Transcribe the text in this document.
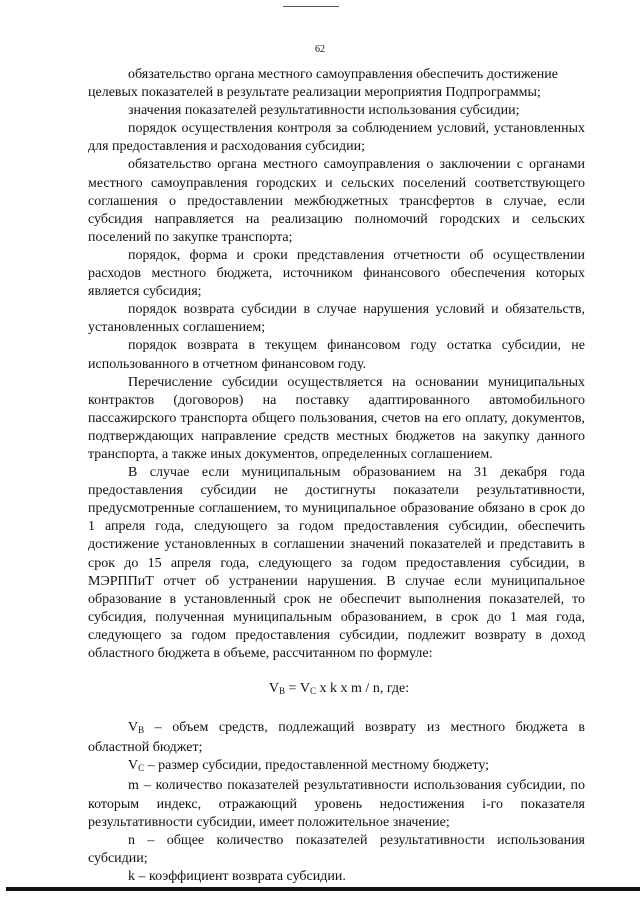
62

обязательство органа местного самоуправления обеспечить достижение

целевых показателей в результате реализации мероприятия Подпрограммы;

значения показателей результативности использования субсидии;

порядок осуществления контроля за соблюдением условий, установленных для предоставления и расходования субсидии;

обязательство органа местного самоуправления о заключении с органами местного самоуправления городских и сельских поселений соответствующего соглашения о предоставлении межбюджетных трансфертов в случае, если субсидия направляется на реализацию полномочий городских и сельских поселений по закупке транспорта;

порядок, форма и сроки представления отчетности об осуществлении расходов местного бюджета, источником финансового обеспечения которых является субсидия;

порядок возврата субсидии в случае нарушения условий и обязательств, установленных соглашением;

порядок возврата в текущем финансовом году остатка субсидии, не использованного в отчетном финансовом году.

Перечисление субсидии осуществляется на основании муниципальных контрактов (договоров) на поставку адаптированного автомобильного пассажирского транспорта общего пользования, счетов на его оплату, документов, подтверждающих направление средств местных бюджетов на закупку данного транспорта, а также иных документов, определенных соглашением.

В случае если муниципальным образованием на 31 декабря года предоставления субсидии не достигнуты показатели результативности, предусмотренные соглашением, то муниципальное образование обязано в срок до 1 апреля года, следующего за годом предоставления субсидии, обеспечить достижение установленных в соглашении значений показателей и представить в срок до 15 апреля года, следующего за годом предоставления субсидии, в МЭРППиТ отчет об устранении нарушения. В случае если муниципальное образование в установленный срок не обеспечит выполнения показателей, то субсидия, полученная муниципальным образованием, в срок до 1 мая года, следующего за годом предоставления субсидии, подлежит возврату в доход областного бюджета в объеме, рассчитанном по формуле:

$V_В = V_С$ x k x m / n, где:

$V_В$ – объем средств, подлежащий возврату из местного бюджета в областной бюджет;

$V_С$ – размер субсидии, предоставленной местному бюджету;

m – количество показателей результативности использования субсидии, по которым индекс, отражающий уровень недостижения i-го показателя результативности субсидии, имеет положительное значение;

n – общее количество показателей результативности использования субсидии;

k – коэффициент возврата субсидии.
